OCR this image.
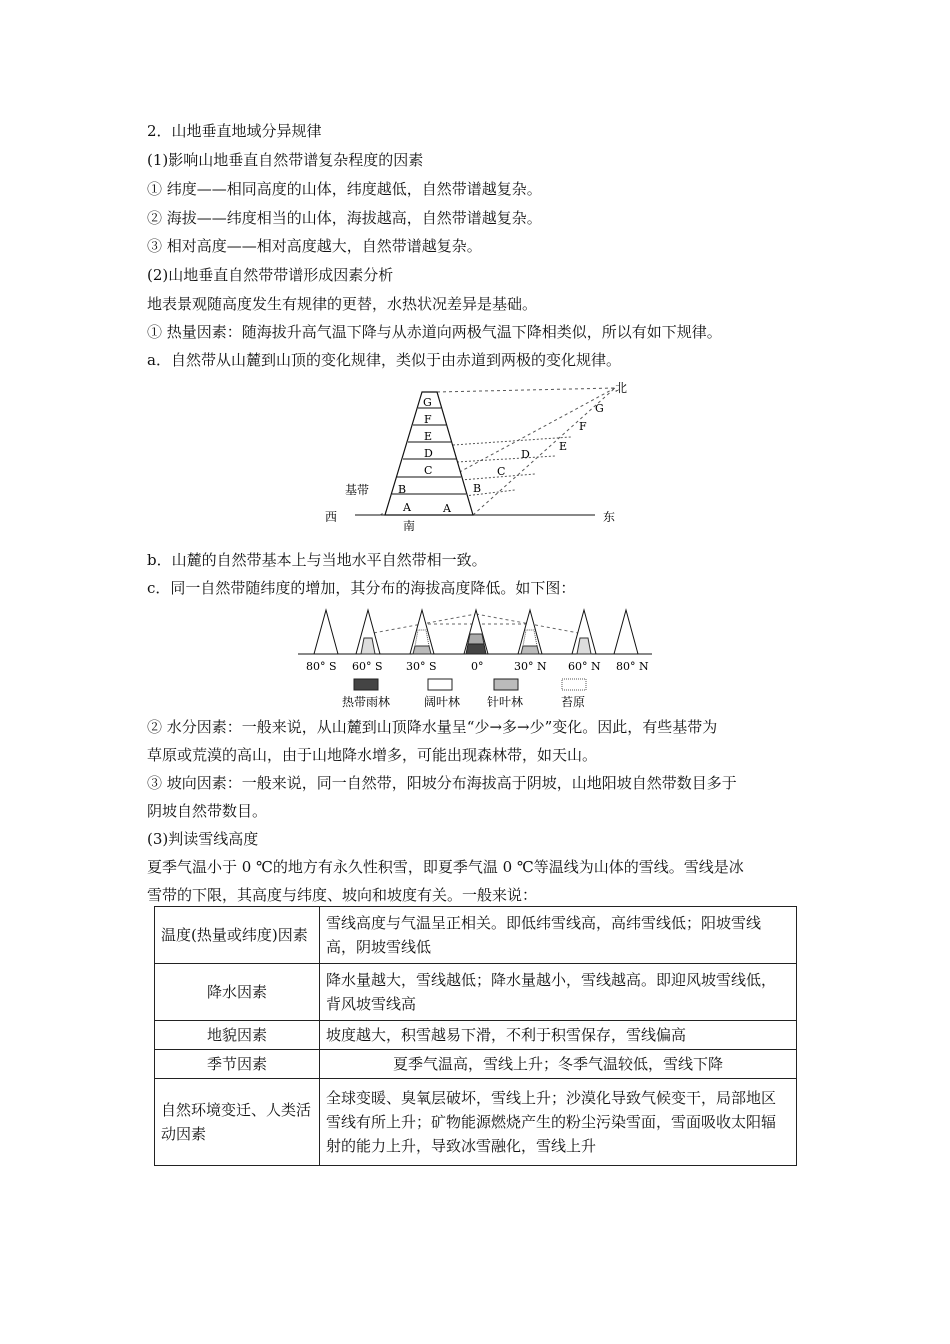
2．山地垂直地域分异规律
(1)影响山地垂直自然带谱复杂程度的因素
① 纬度——相同高度的山体，纬度越低，自然带谱越复杂。
② 海拔——纬度相当的山体，海拔越高，自然带谱越复杂。
③ 相对高度——相对高度越大，自然带谱越复杂。
(2)山地垂直自然带带谱形成因素分析
地表景观随高度发生有规律的更替，水热状况差异是基础。
① 热量因素：随海拔升高气温下降与从赤道向两极气温下降相类似，所以有如下规律。
a．自然带从山麓到山顶的变化规律，类似于由赤道到两极的变化规律。
G
F
E
D
C
B
A	A
B
C
D
E
F
G
基带
西	东
南
北
b．山麓的自然带基本上与当地水平自然带相一致。
c．同一自然带随纬度的增加，其分布的海拔高度降低。如下图：
80° S 60° S 30° S	0°	30° N 60° N 80° N
热带雨林	阔叶林 针叶林	苔原
② 水分因素：一般来说，从山麓到山顶降水量呈“少→多→少”变化。因此，有些基带为
草原或荒漠的高山，由于山地降水增多，可能出现森林带，如天山。
③ 坡向因素：一般来说，同一自然带，阳坡分布海拔高于阴坡，山地阳坡自然带数目多于
阴坡自然带数目。
(3)判读雪线高度
夏季气温小于 0 ℃的地方有永久性积雪，即夏季气温 0 ℃等温线为山体的雪线。雪线是冰
雪带的下限，其高度与纬度、坡向和坡度有关。一般来说：
温度(热量或纬度)因素	雪线高度与气温呈正相关。即低纬雪线高，高纬雪线低；阳坡雪线高，阴坡雪线低
降水因素	降水量越大，雪线越低；降水量越小，雪线越高。即迎风坡雪线低，背风坡雪线高
地貌因素	坡度越大，积雪越易下滑，不利于积雪保存，雪线偏高
季节因素	夏季气温高，雪线上升；冬季气温较低，雪线下降
自然环境变迁、人类活动因素	全球变暖、臭氧层破坏，雪线上升；沙漠化导致气候变干，局部地区雪线有所上升；矿物能源燃烧产生的粉尘污染雪面，雪面吸收太阳辐射的能力上升，导致冰雪融化，雪线上升
